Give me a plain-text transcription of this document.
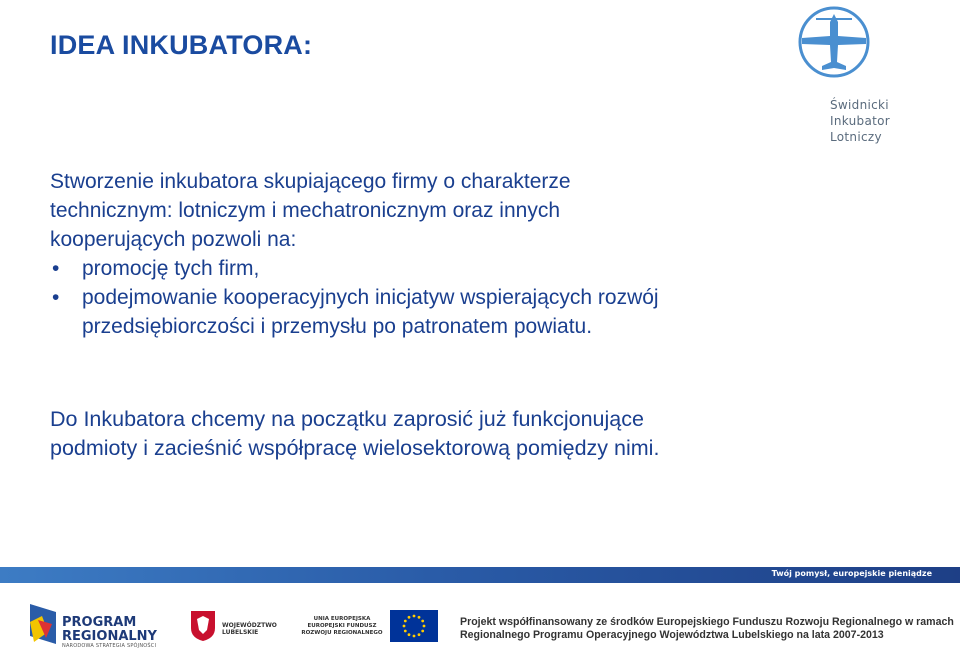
IDEA INKUBATORA:
Świdnicki
Inkubator
Lotniczy
Stworzenie inkubatora skupiającego firmy o charakterze
technicznym: lotniczym i mechatronicznym oraz innych
kooperujących pozwoli na:
• promocję tych firm,
• podejmowanie kooperacyjnych inicjatyw wspierających rozwój
przedsiębiorczości i przemysłu po patronatem powiatu.
Do Inkubatora chcemy na początku zaprosić już funkcjonujące
podmioty i zacieśnić współpracę wielosektorową pomiędzy nimi.
Twój pomysł, europejskie pieniądze
PROGRAM
REGIONALNY
NARODOWA STRATEGIA SPÓJNOŚCI
WOJEWÓDZTWO
LUBELSKIE
UNIA EUROPEJSKA
EUROPEJSKI FUNDUSZ
ROZWOJU REGIONALNEGO
Projekt współfinansowany ze środków Europejskiego Funduszu Rozwoju Regionalnego w ramach
Regionalnego Programu Operacyjnego Województwa Lubelskiego na lata 2007-2013
